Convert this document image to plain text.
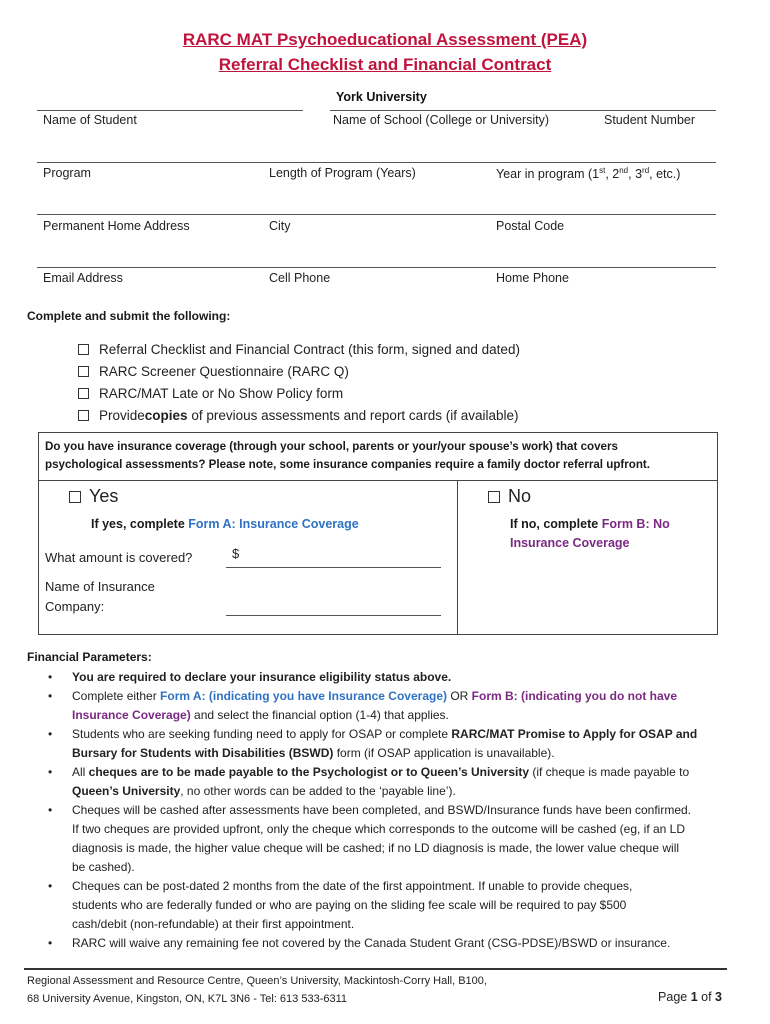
RARC MAT Psychoeducational Assessment (PEA)
Referral Checklist and Financial Contract
York University
Name of Student	Name of School (College or University)	Student Number
Program	Length of Program (Years)	Year in program (1st, 2nd, 3rd, etc.)
Permanent Home Address	City	Postal Code
Email Address	Cell Phone	Home Phone
Complete and submit the following:
Referral Checklist and Financial Contract (this form, signed and dated)
RARC Screener Questionnaire (RARC Q)
RARC/MAT Late or No Show Policy form
Provide copies
of previous assessments and report cards (if available)
Do you have insurance coverage (through your school, parents or your/your spouse’s work) that covers
psychological assessments? Please note, some insurance companies require a family doctor referral upfront.
Yes	No
If yes, complete Form A: Insurance Coverage	If no, complete Form B: No
Insurance Coverage
What amount is covered?	$
Name of Insurance
Company:
Financial Parameters:
• You are required to declare your insurance eligibility status above.
• Complete either Form A: (indicating you have Insurance Coverage) OR Form B: (indicating you do not have
Insurance Coverage) and select the financial option (1-4) that applies.
• Students who are seeking funding need to apply for OSAP or complete RARC/MAT Promise to Apply for OSAP and
Bursary for Students with Disabilities (BSWD) form (if OSAP application is unavailable).
• All cheques are to be made payable to the Psychologist or to Queen’s University (if cheque is made payable to
Queen’s University, no other words can be added to the ‘payable line’).
• Cheques will be cashed after assessments have been completed, and BSWD/Insurance funds have been confirmed.
If two cheques are provided upfront, only the cheque which corresponds to the outcome will be cashed (eg, if an LD
diagnosis is made, the higher value cheque will be cashed; if no LD diagnosis is made, the lower value cheque will
be cashed).
• Cheques can be post-dated 2 months from the date of the first appointment. If unable to provide cheques,
students who are federally funded or who are paying on the sliding fee scale will be required to pay $500
cash/debit (non-refundable) at their first appointment.
• RARC will waive any remaining fee not covered by the Canada Student Grant (CSG-PDSE)/BSWD or insurance.
Regional Assessment and Resource Centre, Queen’s University, Mackintosh-Corry Hall, B100,
68 University Avenue, Kingston, ON, K7L 3N6 - Tel: 613 533-6311	Page 1 of 3
